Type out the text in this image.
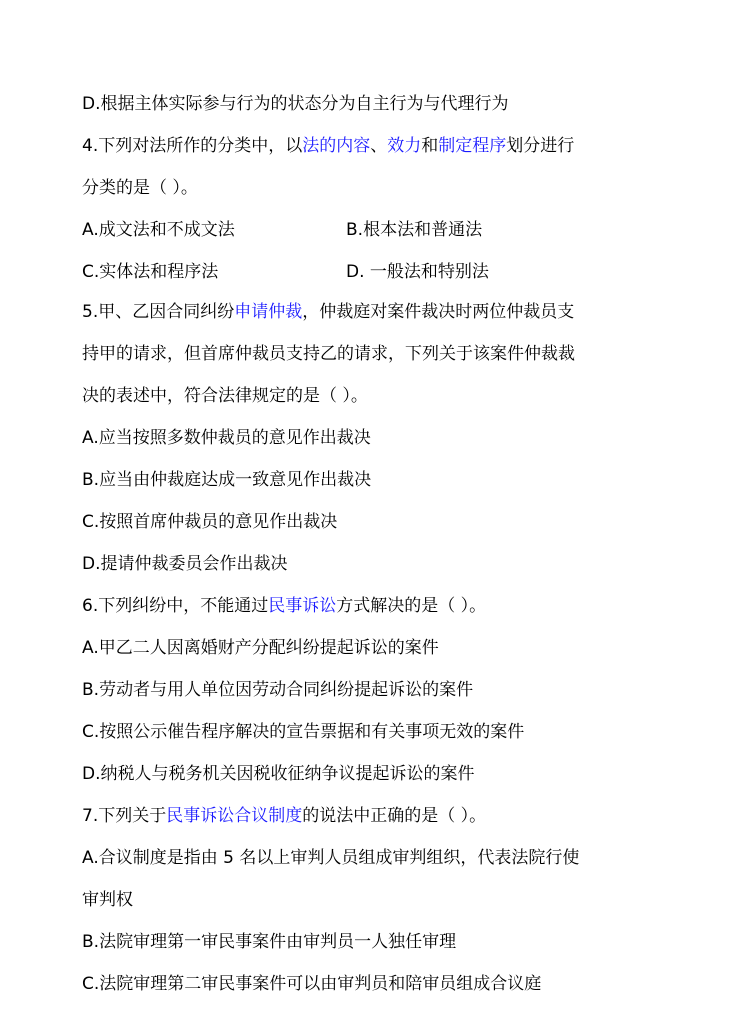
D.根据主体实际参与行为的状态分为自主行为与代理行为
4.下列对法所作的分类中，以法的内容、效力和制定程序划分进行
分类的是（ ）。
5.甲、乙因合同纠纷申请仲裁，仲裁庭对案件裁决时两位仲裁员支
持甲的请求，但首席仲裁员支持乙的请求，下列关于该案件仲裁裁
决的表述中，符合法律规定的是（ ）。
A.应当按照多数仲裁员的意见作出裁决
B.应当由仲裁庭达成一致意见作出裁决
C.按照首席仲裁员的意见作出裁决
D.提请仲裁委员会作出裁决
6.下列纠纷中，不能通过民事诉讼方式解决的是（ ）。
A.甲乙二人因离婚财产分配纠纷提起诉讼的案件
B.劳动者与用人单位因劳动合同纠纷提起诉讼的案件
C.按照公示催告程序解决的宣告票据和有关事项无效的案件
D.纳税人与税务机关因税收征纳争议提起诉讼的案件
7.下列关于民事诉讼合议制度的说法中正确的是（ ）。
A.合议制度是指由 5 名以上审判人员组成审判组织，代表法院行使
审判权
B.法院审理第一审民事案件由审判员一人独任审理
C.法院审理第二审民事案件可以由审判员和陪审员组成合议庭
A.成文法和不成文法	B.根本法和普通法
C.实体法和程序法	D. 一般法和特别法
